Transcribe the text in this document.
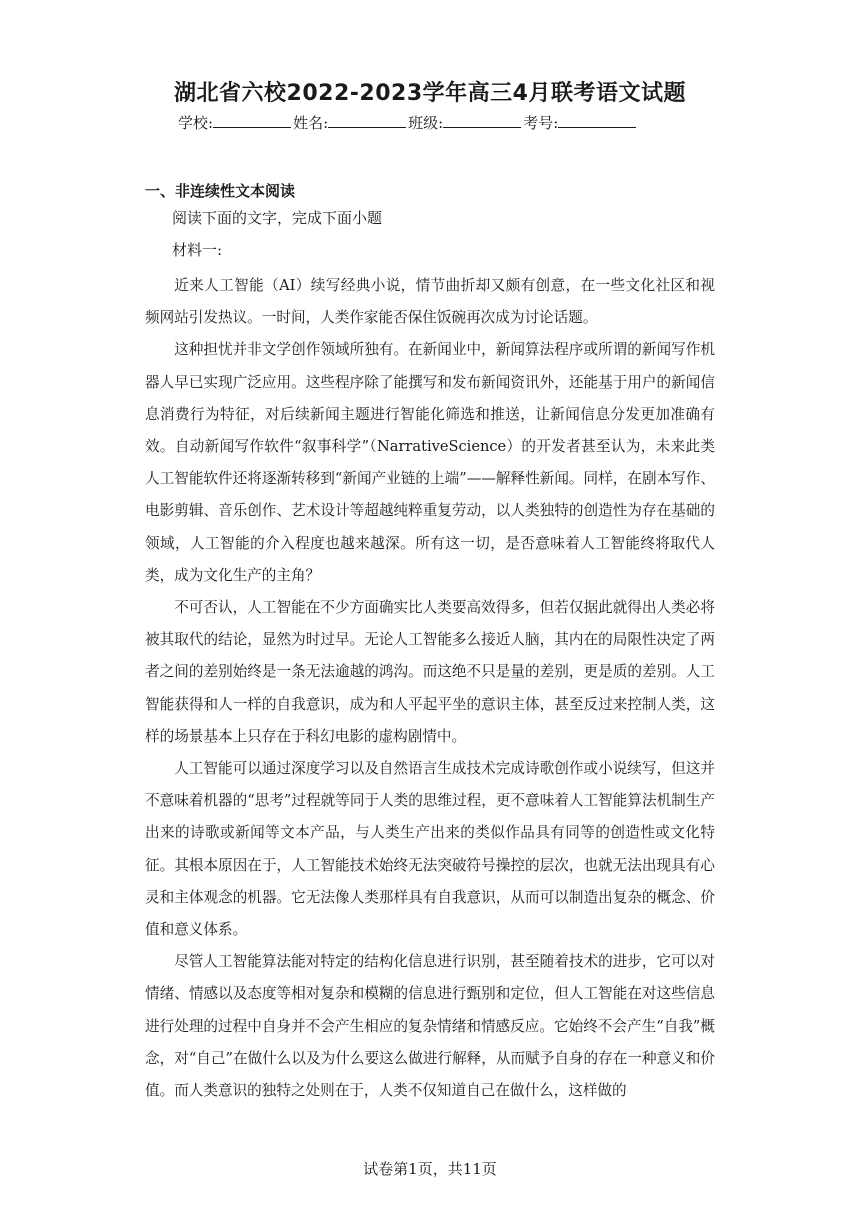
湖北省六校2022-2023学年高三4月联考语文试题
学校:	姓名:	班级:	考号:
一、非连续性文本阅读
阅读下面的文字，完成下面小题
材料一:

近来人工智能（AI）续写经典小说，情节曲折却又颇有创意，在一些文化社区和视频网站引发热议。一时间，人类作家能否保住饭碗再次成为讨论话题。

这种担忧并非文学创作领域所独有。在新闻业中，新闻算法程序或所谓的新闻写作机器人早已实现广泛应用。这些程序除了能撰写和发布新闻资讯外，还能基于用户的新闻信息消费行为特征，对后续新闻主题进行智能化筛选和推送，让新闻信息分发更加准确有效。自动新闻写作软件“叙事科学”（NarrativeScience）的开发者甚至认为，未来此类人工智能软件还将逐渐转移到“新闻产业链的上端”——解释性新闻。同样，在剧本写作、电影剪辑、音乐创作、艺术设计等超越纯粹重复劳动，以人类独特的创造性为存在基础的领域，人工智能的介入程度也越来越深。所有这一切，是否意味着人工智能终将取代人类，成为文化生产的主角？

不可否认，人工智能在不少方面确实比人类要高效得多，但若仅据此就得出人类必将被其取代的结论，显然为时过早。无论人工智能多么接近人脑，其内在的局限性决定了两者之间的差别始终是一条无法逾越的鸿沟。而这绝不只是量的差别，更是质的差别。人工智能获得和人一样的自我意识，成为和人平起平坐的意识主体，甚至反过来控制人类，这样的场景基本上只存在于科幻电影的虚构剧情中。

人工智能可以通过深度学习以及自然语言生成技术完成诗歌创作或小说续写，但这并不意味着机器的“思考”过程就等同于人类的思维过程，更不意味着人工智能算法机制生产出来的诗歌或新闻等文本产品，与人类生产出来的类似作品具有同等的创造性或文化特征。其根本原因在于，人工智能技术始终无法突破符号操控的层次，也就无法出现具有心灵和主体观念的机器。它无法像人类那样具有自我意识，从而可以制造出复杂的概念、价值和意义体系。

尽管人工智能算法能对特定的结构化信息进行识别，甚至随着技术的进步，它可以对情绪、情感以及态度等相对复杂和模糊的信息进行甄别和定位，但人工智能在对这些信息进行处理的过程中自身并不会产生相应的复杂情绪和情感反应。它始终不会产生“自我”概念，对“自己”在做什么以及为什么要这么做进行解释，从而赋予自身的存在一种意义和价值。而人类意识的独特之处则在于，人类不仅知道自己在做什么，这样做的

试卷第1页，共11页
